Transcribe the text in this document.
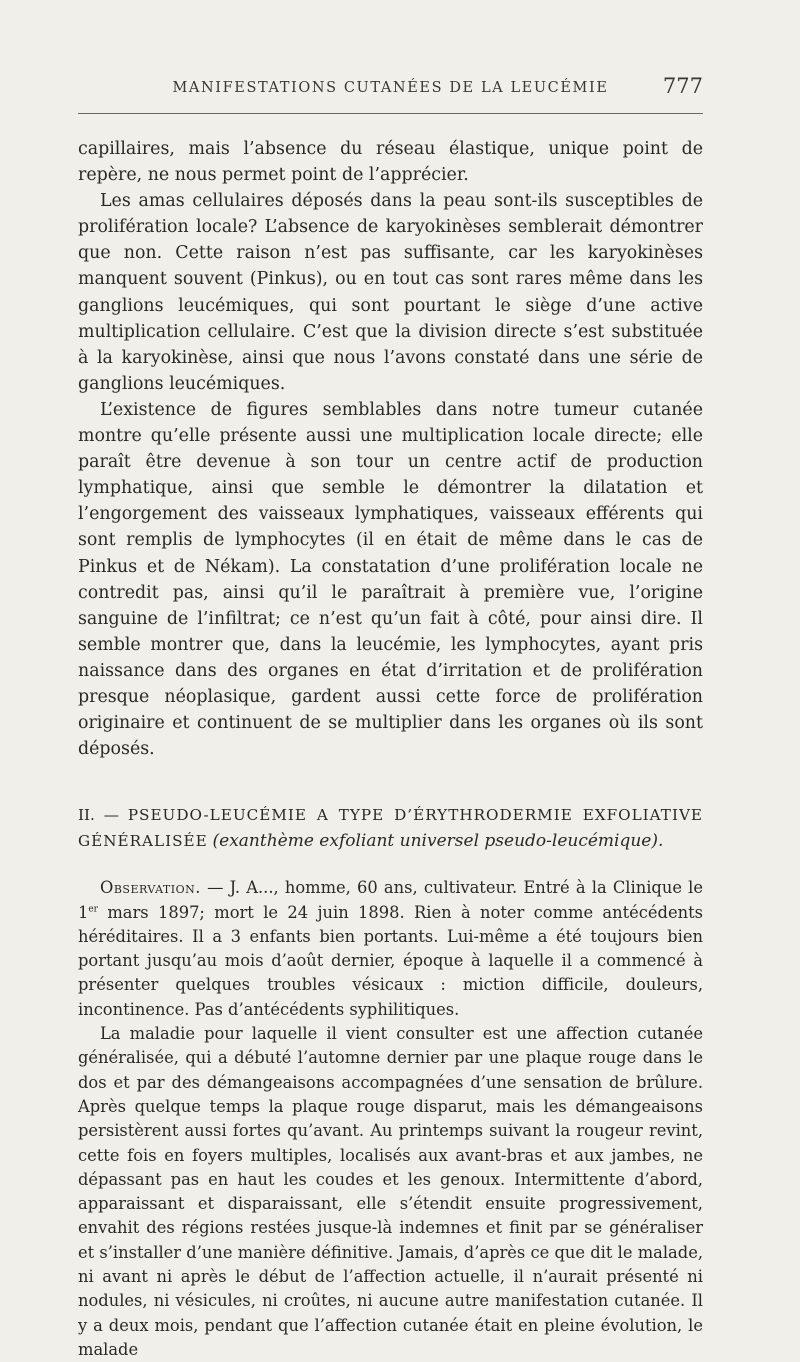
MANIFESTATIONS CUTANÉES DE LA LEUCÉMIE	777

capillaires, mais l’absence du réseau élastique, unique point de repère, ne nous permet point de l’apprécier.

Les amas cellulaires déposés dans la peau sont-ils susceptibles de prolifération locale? L’absence de karyokinèses semblerait démontrer que non. Cette raison n’est pas suffisante, car les karyokinèses manquent souvent (Pinkus), ou en tout cas sont rares même dans les ganglions leucémiques, qui sont pourtant le siège d’une active multiplication cellulaire. C’est que la division directe s’est substituée à la karyokinèse, ainsi que nous l’avons constaté dans une série de ganglions leucémiques.

L’existence de figures semblables dans notre tumeur cutanée montre qu’elle présente aussi une multiplication locale directe; elle paraît être devenue à son tour un centre actif de production lymphatique, ainsi que semble le démontrer la dilatation et l’engorgement des vaisseaux lymphatiques, vaisseaux efférents qui sont remplis de lymphocytes (il en était de même dans le cas de Pinkus et de Nékam). La constatation d’une prolifération locale ne contredit pas, ainsi qu’il le paraîtrait à première vue, l’origine sanguine de l’infiltrat; ce n’est qu’un fait à côté, pour ainsi dire. Il semble montrer que, dans la leucémie, les lymphocytes, ayant pris naissance dans des organes en état d’irritation et de prolifération presque néoplasique, gardent aussi cette force de prolifération originaire et continuent de se multiplier dans les organes où ils sont déposés.

II. — PSEUDO-LEUCÉMIE A TYPE D’ÉRYTHRODERMIE EXFOLIATIVE GÉNÉRALISÉE (exanthème exfoliant universel pseudo-leucémique).

Observation. — J. A..., homme, 60 ans, cultivateur. Entré à la Clinique le 1er mars 1897; mort le 24 juin 1898. Rien à noter comme antécédents héréditaires. Il a 3 enfants bien portants. Lui-même a été toujours bien portant jusqu’au mois d’août dernier, époque à laquelle il a commencé à présenter quelques troubles vésicaux : miction difficile, douleurs, incontinence. Pas d’antécédents syphilitiques.

La maladie pour laquelle il vient consulter est une affection cutanée généralisée, qui a débuté l’automne dernier par une plaque rouge dans le dos et par des démangeaisons accompagnées d’une sensation de brûlure. Après quelque temps la plaque rouge disparut, mais les démangeaisons persistèrent aussi fortes qu’avant. Au printemps suivant la rougeur revint, cette fois en foyers multiples, localisés aux avant-bras et aux jambes, ne dépassant pas en haut les coudes et les genoux. Intermittente d’abord, apparaissant et disparaissant, elle s’étendit ensuite progressivement, envahit des régions restées jusque-là indemnes et finit par se généraliser et s’installer d’une manière définitive. Jamais, d’après ce que dit le malade, ni avant ni après le début de l’affection actuelle, il n’aurait présenté ni nodules, ni vésicules, ni croûtes, ni aucune autre manifestation cutanée. Il y a deux mois, pendant que l’affection cutanée était en pleine évolution, le malade
